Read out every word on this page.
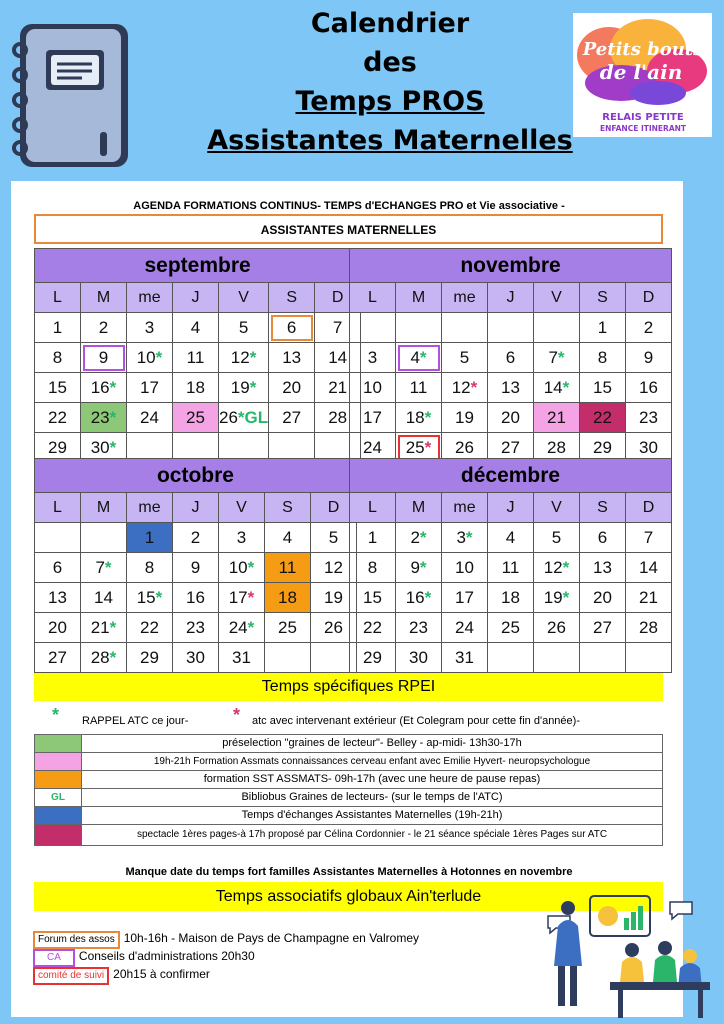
Calendrier
des
Temps PROS
Assistantes Maternelles
Petits bouts
de l'ain
RELAIS PETITE
ENFANCE ITINERANT
AGENDA FORMATIONS CONTINUS- TEMPS d'ECHANGES PRO et Vie associative -
ASSISTANTES MATERNELLES
septembre						
L	M	me	J	V	S	D
1	2	3	4	5	6	7
8	9	10*	11	12*	13	14
15	16*	17	18	19*	20	21
22	23*	24	25	26*GL	27	28
29	30*					
novembre						
L	M	me	J	V	S	D
					1	2
3	4*	5	6	7*	8	9
10	11	12*	13	14*	15	16
17	18*	19	20	21	22	23
24	25*	26	27	28	29	30
octobre						
L	M	me	J	V	S	D
		1	2	3	4	5
6	7*	8	9	10*	11	12
13	14	15*	16	17*	18	19
20	21*	22	23	24*	25	26
27	28*	29	30	31		
décembre						
L	M	me	J	V	S	D
1	2*	3*	4	5	6	7
8	9*	10	11	12*	13	14
15	16*	17	18	19*	20	21
22	23	24	25	26	27	28
29	30	31				
Temps spécifiques RPEI
* RAPPEL ATC ce jour- * atc avec intervenant extérieur (Et Colegram pour cette fin d'année)-
préselection "graines de lecteur"- Belley - ap-midi- 13h30-17h
19h-21h Formation Assmats connaissances cerveau enfant avec Emilie Hyvert- neuropsychologue
formation SST ASSMATS- 09h-17h (avec une heure de pause repas)
GL	Bibliobus Graines de lecteurs- (sur le temps de l'ATC)
Temps d'échanges Assistantes Maternelles (19h-21h)
spectacle 1ères pages-à 17h proposé par Célina Cordonnier - le 21 séance spéciale 1ères Pages sur ATC
Manque date du temps fort familles Assistantes Maternelles à Hotonnes en novembre
Temps associatifs globaux Ain'terlude
Forum des assos 10h-16h - Maison de Pays de Champagne en Valromey
CA Conseils d'administrations 20h30
comité de suivi 20h15 à confirmer
